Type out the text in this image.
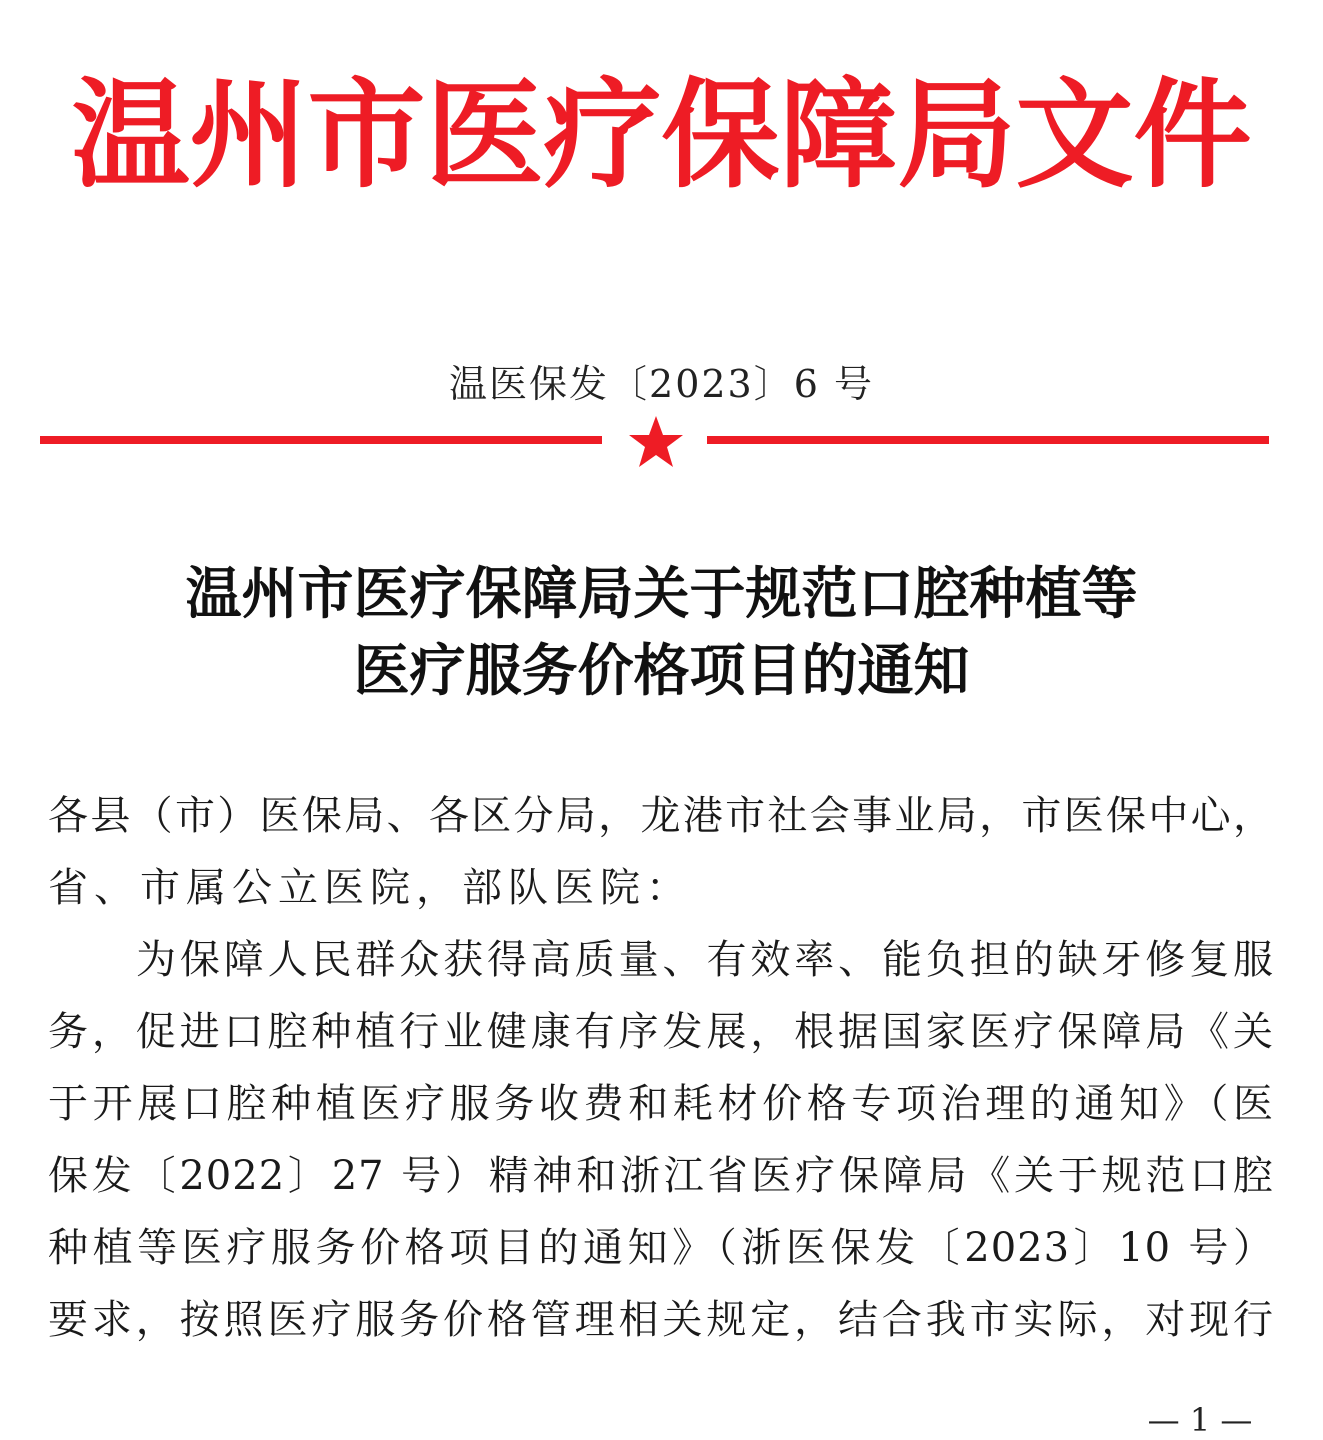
温州市医疗保障局文件
温医保发〔2023〕6 号
温州市医疗保障局关于规范口腔种植等
医疗服务价格项目的通知
各县（市）医保局、各区分局，龙港市社会事业局，市医保中心，
省、市属公立医院，部队医院：
为保障人民群众获得高质量、有效率、能负担的缺牙修复服
务，促进口腔种植行业健康有序发展，根据国家医疗保障局《关
于开展口腔种植医疗服务收费和耗材价格专项治理的通知》（医
保发〔2022〕27 号）精神和浙江省医疗保障局《关于规范口腔
种植等医疗服务价格项目的通知》（浙医保发〔2023〕10 号）
要求，按照医疗服务价格管理相关规定，结合我市实际，对现行
— 1 —
